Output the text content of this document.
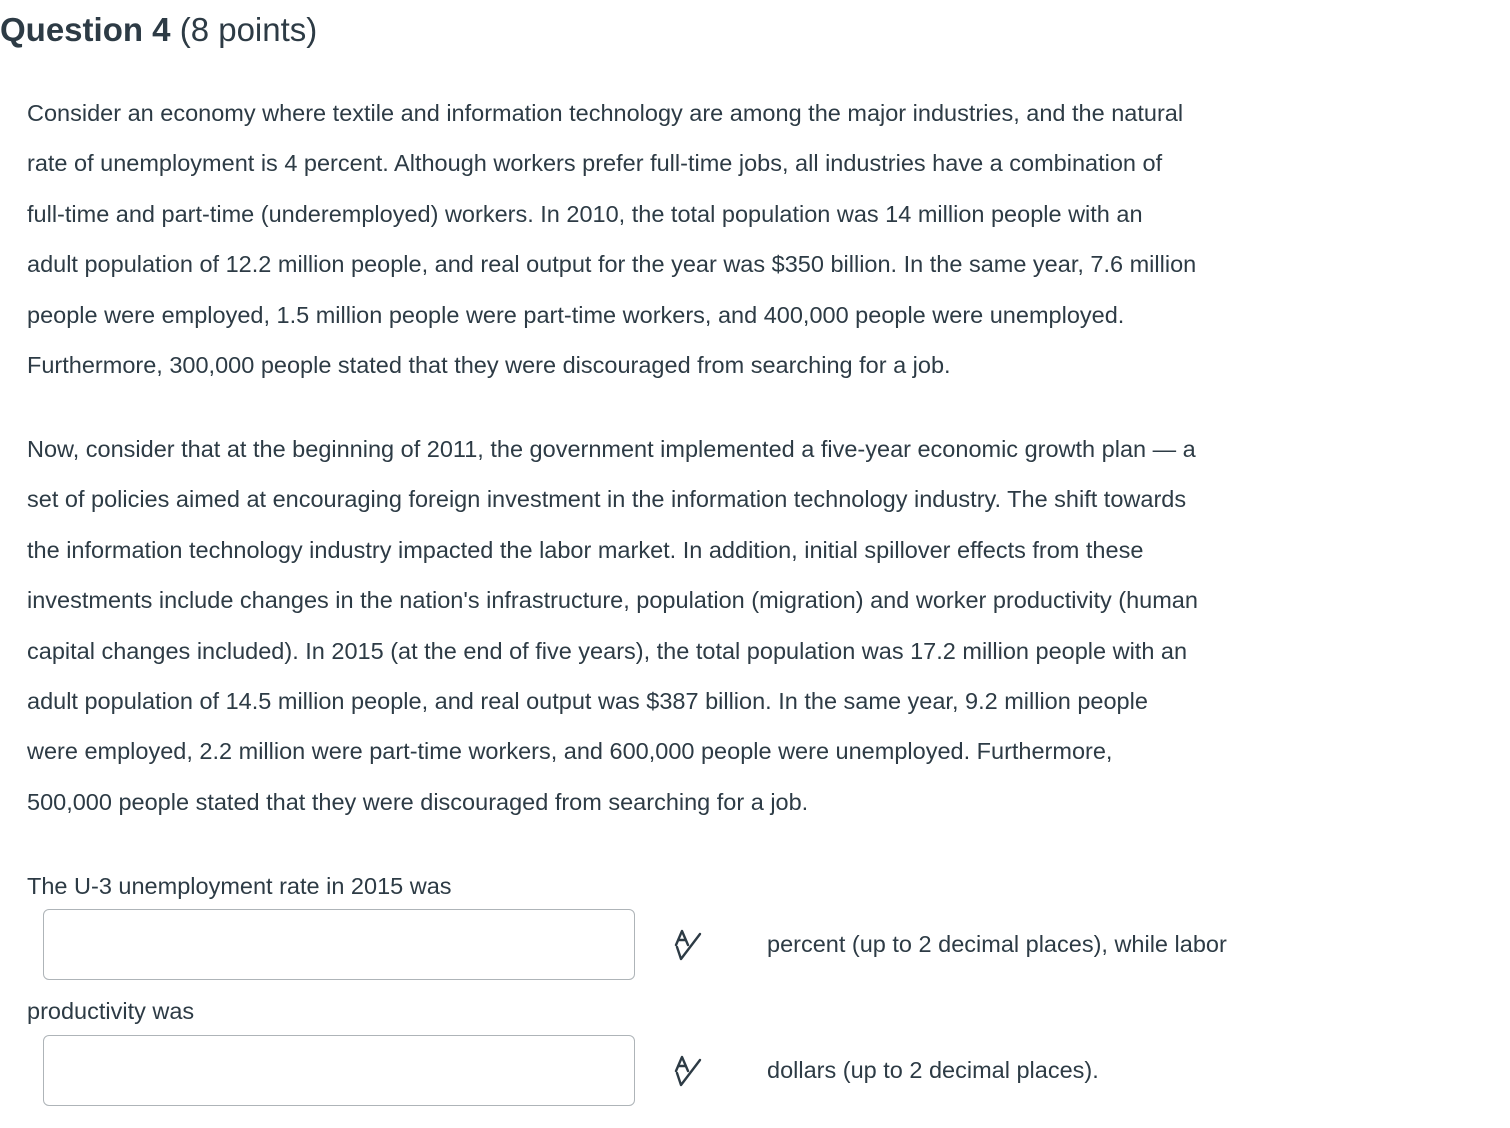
Question 4 (8 points)

Consider an economy where textile and information technology are among the major industries, and the natural
rate of unemployment is 4 percent. Although workers prefer full-time jobs, all industries have a combination of
full-time and part-time (underemployed) workers. In 2010, the total population was 14 million people with an
adult population of 12.2 million people, and real output for the year was $350 billion. In the same year, 7.6 million
people were employed, 1.5 million people were part-time workers, and 400,000 people were unemployed.
Furthermore, 300,000 people stated that they were discouraged from searching for a job.

Now, consider that at the beginning of 2011, the government implemented a five-year economic growth plan — a
set of policies aimed at encouraging foreign investment in the information technology industry. The shift towards
the information technology industry impacted the labor market. In addition, initial spillover effects from these
investments include changes in the nation's infrastructure, population (migration) and worker productivity (human
capital changes included). In 2015 (at the end of five years), the total population was 17.2 million people with an
adult population of 14.5 million people, and real output was $387 billion. In the same year, 9.2 million people
were employed, 2.2 million were part-time workers, and 600,000 people were unemployed. Furthermore,
500,000 people stated that they were discouraged from searching for a job.

The U-3 unemployment rate in 2015 was
percent (up to 2 decimal places), while labor
productivity was
dollars (up to 2 decimal places).
